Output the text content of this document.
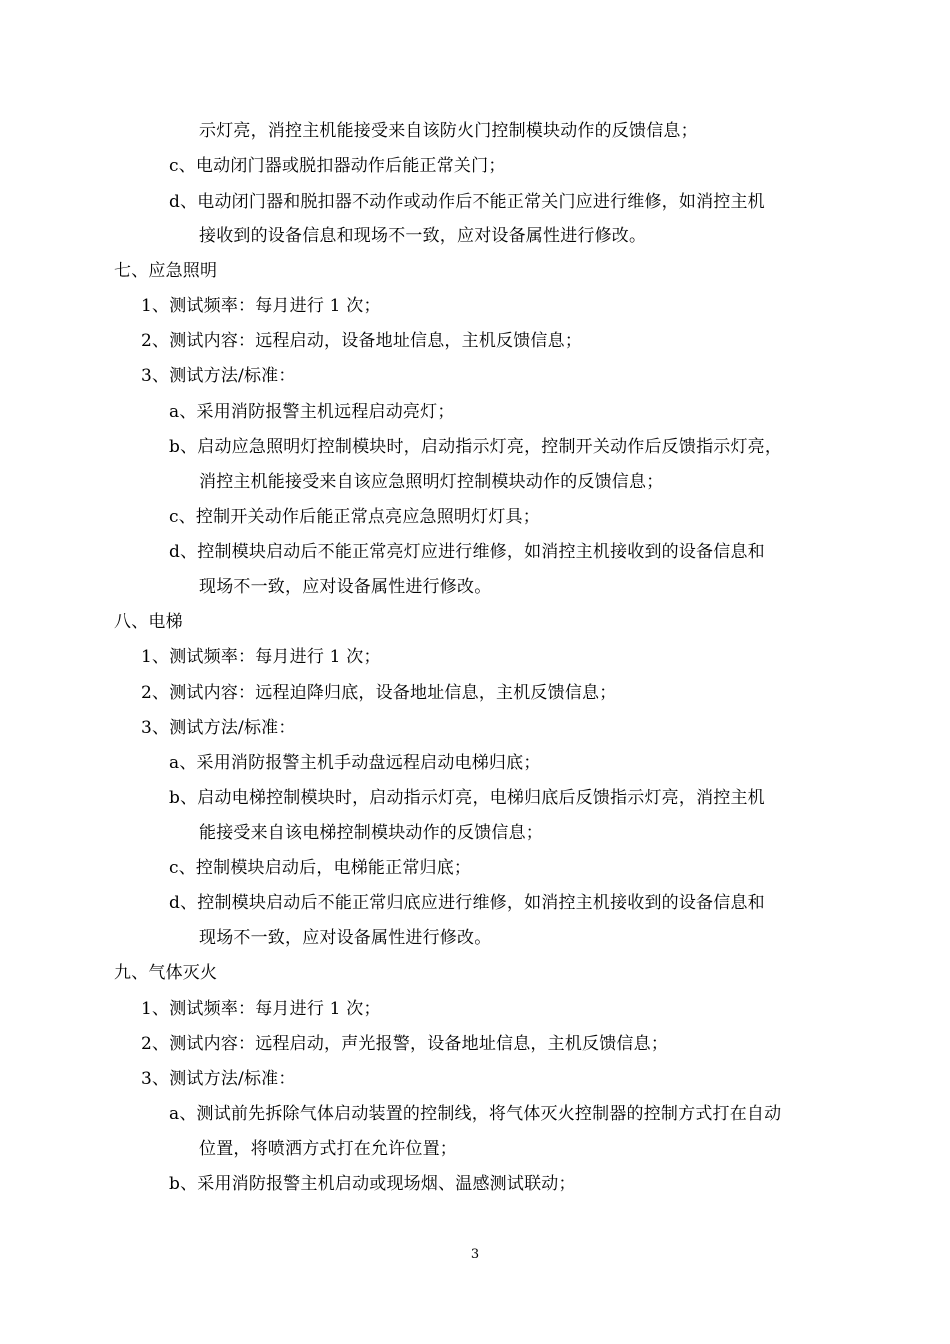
示灯亮，消控主机能接受来自该防火门控制模块动作的反馈信息；
c、电动闭门器或脱扣器动作后能正常关门；
d、电动闭门器和脱扣器不动作或动作后不能正常关门应进行维修，如消控主机
接收到的设备信息和现场不一致，应对设备属性进行修改。
七、应急照明
1、测试频率：每月进行 1 次；
2、测试内容：远程启动，设备地址信息，主机反馈信息；
3、测试方法/标准：
a、采用消防报警主机远程启动亮灯；
b、启动应急照明灯控制模块时，启动指示灯亮，控制开关动作后反馈指示灯亮，
消控主机能接受来自该应急照明灯控制模块动作的反馈信息；
c、控制开关动作后能正常点亮应急照明灯灯具；
d、控制模块启动后不能正常亮灯应进行维修，如消控主机接收到的设备信息和
现场不一致，应对设备属性进行修改。
八、电梯
1、测试频率：每月进行 1 次；
2、测试内容：远程迫降归底，设备地址信息，主机反馈信息；
3、测试方法/标准：
a、采用消防报警主机手动盘远程启动电梯归底；
b、启动电梯控制模块时，启动指示灯亮，电梯归底后反馈指示灯亮，消控主机
能接受来自该电梯控制模块动作的反馈信息；
c、控制模块启动后，电梯能正常归底；
d、控制模块启动后不能正常归底应进行维修，如消控主机接收到的设备信息和
现场不一致，应对设备属性进行修改。
九、气体灭火
1、测试频率：每月进行 1 次；
2、测试内容：远程启动，声光报警，设备地址信息，主机反馈信息；
3、测试方法/标准：
a、测试前先拆除气体启动装置的控制线，将气体灭火控制器的控制方式打在自动
位置，将喷洒方式打在允许位置；
b、采用消防报警主机启动或现场烟、温感测试联动；
3
